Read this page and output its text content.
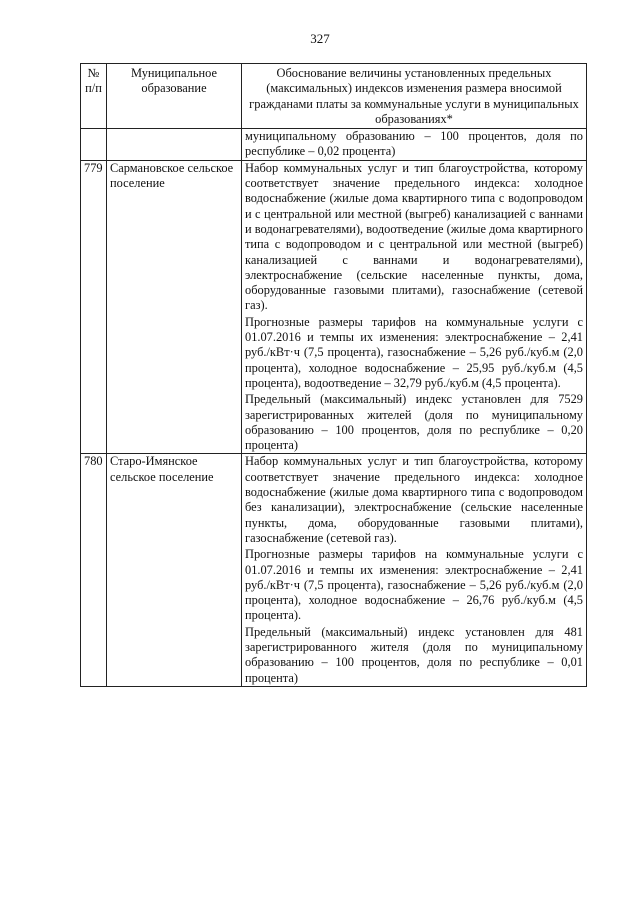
327
№ п/п	Муниципальное образование	Обоснование величины установленных предельных (максимальных) индексов изменения размера вносимой гражданами платы за коммунальные услуги в муниципальных образованиях*
		муниципальному образованию – 100 процентов, доля по республике – 0,02 процента)
779	Сармановское сельское поселение	Набор коммунальных услуг и тип благоустройства, которому соответствует значение предельного индекса: холодное водоснабжение (жилые дома квартирного типа с водопроводом и с центральной или местной (выгреб) канализацией с ваннами и водонагревателями), водоотведение (жилые дома квартирного типа с водопроводом и с центральной или местной (выгреб) канализацией с ваннами и водонагревателями), электроснабжение (сельские населенные пункты, дома, оборудованные газовыми плитами), газоснабжение (сетевой газ).

Прогнозные размеры тарифов на коммунальные услуги с 01.07.2016 и темпы их изменения: электроснабжение – 2,41 руб./кВт·ч (7,5 процента), газоснабжение – 5,26 руб./куб.м (2,0 процента), холодное водоснабжение – 25,95 руб./куб.м (4,5 процента), водоотведение – 32,79 руб./куб.м (4,5 процента).

Предельный (максимальный) индекс установлен для 7529 зарегистрированных жителей (доля по муниципальному образованию – 100 процентов, доля по республике – 0,20 процента)

780	Старо-Имянское сельское поселение	Набор коммунальных услуг и тип благоустройства, которому соответствует значение предельного индекса: холодное водоснабжение (жилые дома квартирного типа с водопроводом без канализации), электроснабжение (сельские населенные пункты, дома, оборудованные газовыми плитами), газоснабжение (сетевой газ).

Прогнозные размеры тарифов на коммунальные услуги с 01.07.2016 и темпы их изменения: электроснабжение – 2,41 руб./кВт·ч (7,5 процента), газоснабжение – 5,26 руб./куб.м (2,0 процента), холодное водоснабжение – 26,76 руб./куб.м (4,5 процента).

Предельный (максимальный) индекс установлен для 481 зарегистрированного жителя (доля по муниципальному образованию – 100 процентов, доля по республике – 0,01 процента)
